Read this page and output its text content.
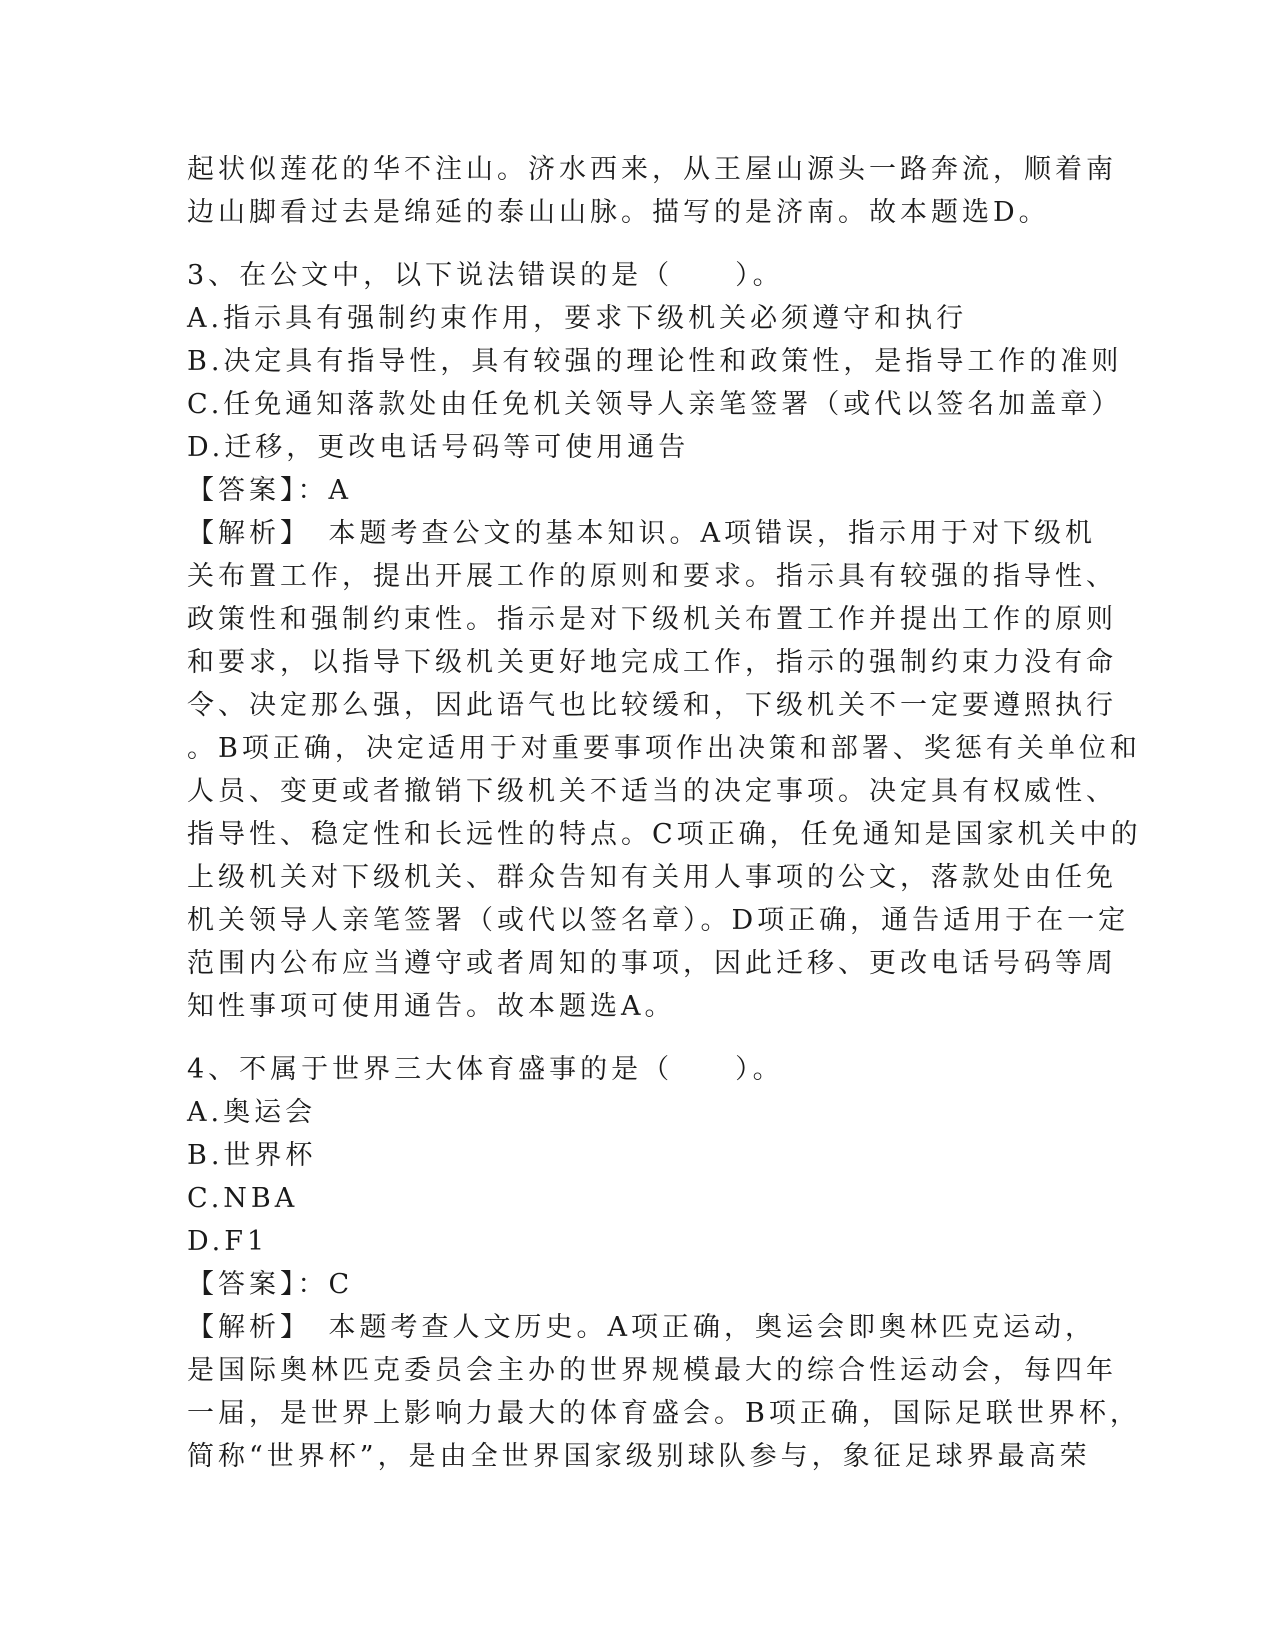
起状似莲花的华不注山。济水西来，从王屋山源头一路奔流，顺着南
边山脚看过去是绵延的泰山山脉。描写的是济南。故本题选D。
3、在公文中，以下说法错误的是（　　）。
A.指示具有强制约束作用，要求下级机关必须遵守和执行
B.决定具有指导性，具有较强的理论性和政策性，是指导工作的准则
C.任免通知落款处由任免机关领导人亲笔签署（或代以签名加盖章）
D.迁移，更改电话号码等可使用通告
【答案】：A
【解析】　本题考查公文的基本知识。A项错误，指示用于对下级机
关布置工作，提出开展工作的原则和要求。指示具有较强的指导性、
政策性和强制约束性。指示是对下级机关布置工作并提出工作的原则
和要求，以指导下级机关更好地完成工作，指示的强制约束力没有命
令、决定那么强，因此语气也比较缓和，下级机关不一定要遵照执行
。B项正确，决定适用于对重要事项作出决策和部署、奖惩有关单位和
人员、变更或者撤销下级机关不适当的决定事项。决定具有权威性、
指导性、稳定性和长远性的特点。C项正确，任免通知是国家机关中的
上级机关对下级机关、群众告知有关用人事项的公文，落款处由任免
机关领导人亲笔签署（或代以签名章）。D项正确，通告适用于在一定
范围内公布应当遵守或者周知的事项，因此迁移、更改电话号码等周
知性事项可使用通告。故本题选A。
4、不属于世界三大体育盛事的是（　　）。
A.奥运会
B.世界杯
C.NBA
D.F1
【答案】：C
【解析】　本题考查人文历史。A项正确，奥运会即奥林匹克运动，
是国际奥林匹克委员会主办的世界规模最大的综合性运动会，每四年
一届，是世界上影响力最大的体育盛会。B项正确，国际足联世界杯，
简称“世界杯”，是由全世界国家级别球队参与，象征足球界最高荣
